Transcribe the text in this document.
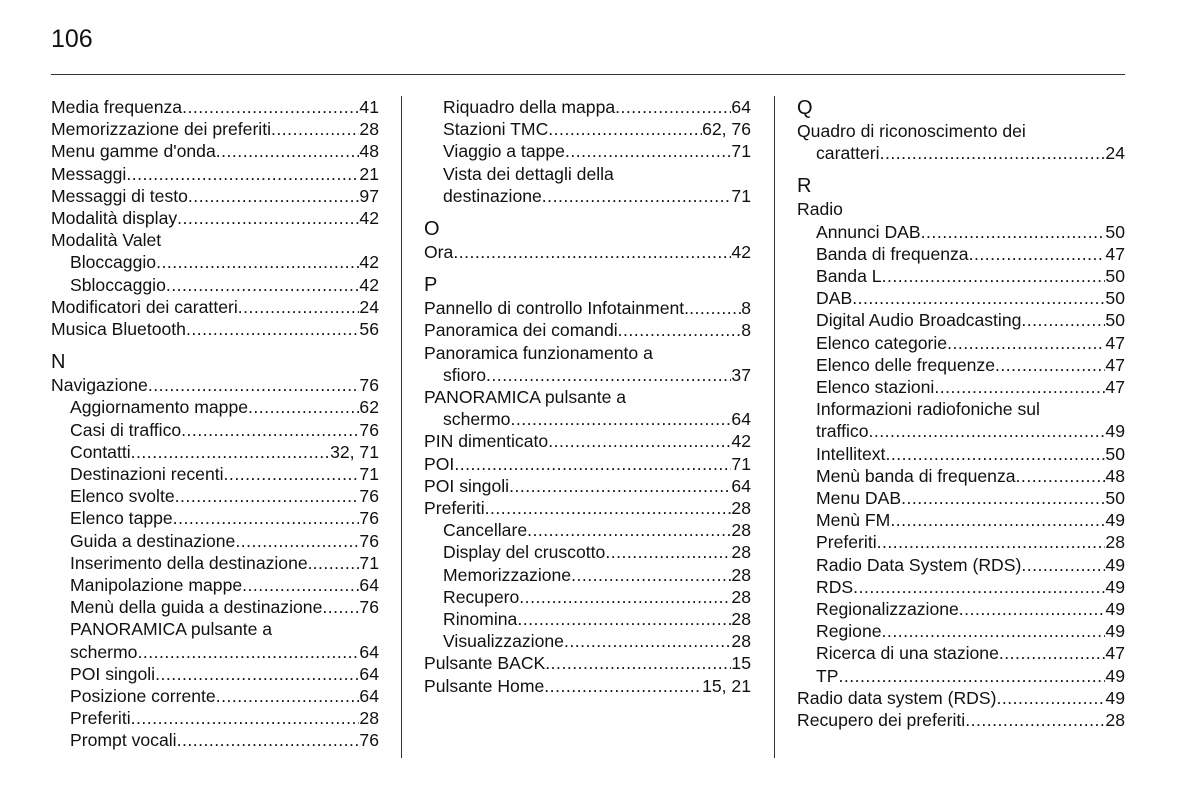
106
Media frequenza .....	41
Memorizzazione dei preferiti .....	28
Menu gamme d'onda .....	48
Messaggi .....	21
Messaggi di testo .....	97
Modalità display .....	42
Modalità Valet
Bloccaggio .....	42
Sbloccaggio .....	42
Modificatori dei caratteri .....	24
Musica Bluetooth .....	56
N
Navigazione .....	76
Aggiornamento mappe .....	62
Casi di traffico .....	76
Contatti .....	32, 71
Destinazioni recenti .....	71
Elenco svolte .....	76
Elenco tappe .....	76
Guida a destinazione .....	76
Inserimento della destinazione. .....	71
Manipolazione mappe .....	64
Menù della guida a destinazione ..... 76
PANORAMICA pulsante a
schermo .....	64
POI singoli .....	64
Posizione corrente .....	64
Preferiti .....	28
Prompt vocali .....	76
Riquadro della mappa .....	64
Stazioni TMC .....	62, 76
Viaggio a tappe .....	71
Vista dei dettagli della
destinazione .....	71
O
Ora .....	42
P
Pannello di controllo Infotainment. .....	8
Panoramica dei comandi .....	8
Panoramica funzionamento a
sfioro .....	37
PANORAMICA pulsante a
schermo .....	64
PIN dimenticato .....	42
POI .....	71
POI singoli .....	64
Preferiti .....	28
Cancellare .....	28
Display del cruscotto .....	28
Memorizzazione .....	28
Recupero .....	28
Rinomina .....	28
Visualizzazione .....	28
Pulsante BACK .....	15
Pulsante Home .....	15, 21
Q
Quadro di riconoscimento dei
caratteri .....	24
R
Radio
Annunci DAB .....	50
Banda di frequenza .....	47
Banda L .....	50
DAB .....	50
Digital Audio Broadcasting .....	50
Elenco categorie .....	47
Elenco delle frequenze .....	47
Elenco stazioni .....	47
Informazioni radiofoniche sul
traffico .....	49
Intellitext .....	50
Menù banda di frequenza .....	48
Menu DAB .....	50
Menù FM .....	49
Preferiti .....	28
Radio Data System (RDS) .....	49
RDS .....	49
Regionalizzazione .....	49
Regione .....	49
Ricerca di una stazione .....	47
TP .....	49
Radio data system (RDS) .....	49
Recupero dei preferiti .....	28
